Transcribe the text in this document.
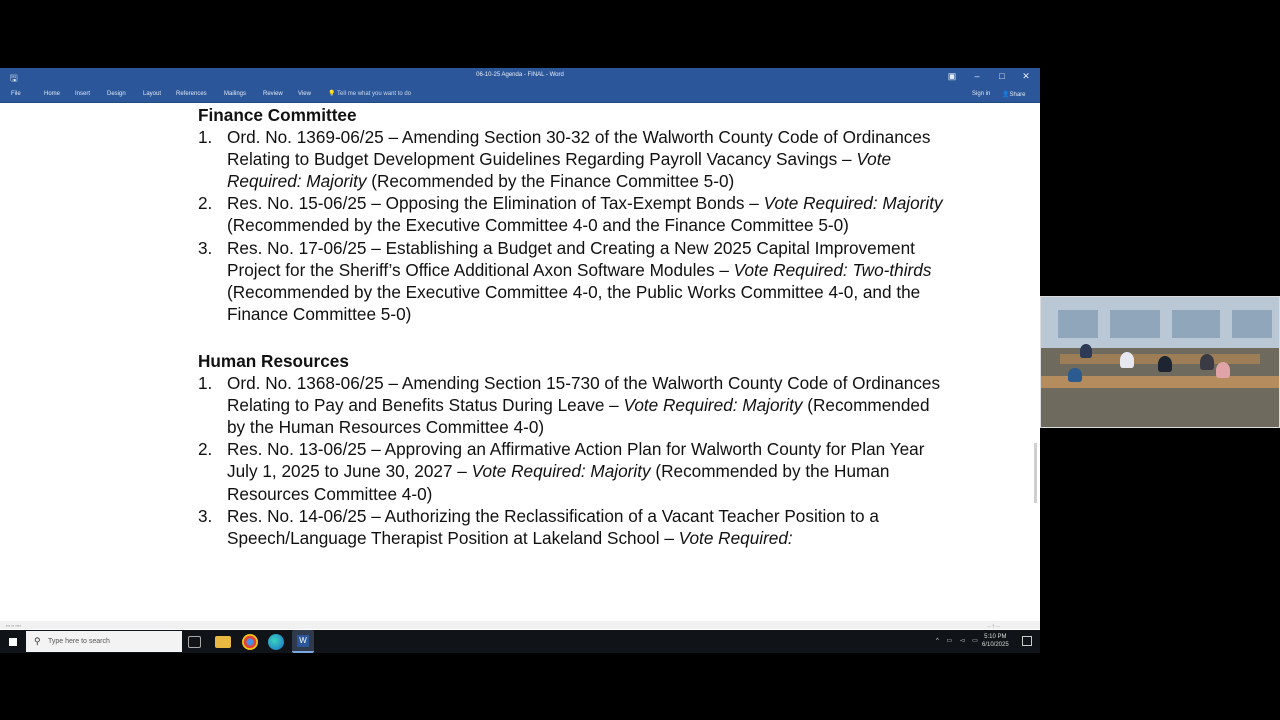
🖫	06-10-25 Agenda - FINAL - Word	▣	–	□	✕
File	Home Insert	Design	Layout References	Mailings	Review	View	💡 Tell me what you want to do	Sign in 👤Share
Finance Committee
1. Ord. No. 1369-06/25 – Amending Section 30-32 of the Walworth County Code of Ordinances Relating to Budget Development Guidelines Regarding Payroll Vacancy Savings – Vote Required: Majority (Recommended by the Finance Committee 5-0)
2. Res. No. 15-06/25 – Opposing the Elimination of Tax-Exempt Bonds – Vote Required: Majority (Recommended by the Executive Committee 4-0 and the Finance Committee 5-0)
3. Res. No. 17-06/25 – Establishing a Budget and Creating a New 2025 Capital Improvement Project for the Sheriff’s Office Additional Axon Software Modules – Vote Required: Two-thirds (Recommended by the Executive Committee 4-0, the Public Works Committee 4-0, and the Finance Committee 5-0)
Human Resources
1. Ord. No. 1368-06/25 – Amending Section 15-730 of the Walworth County Code of Ordinances Relating to Pay and Benefits Status During Leave – Vote Required: Majority (Recommended by the Human Resources Committee 4-0)
2. Res. No. 13-06/25 – Approving an Affirmative Action Plan for Walworth County for Plan Year July 1, 2025 to June 30, 2027 – Vote Required: Majority (Recommended by the Human Resources Committee 4-0)
3. Res. No. 14-06/25 – Authorizing the Reclassification of a Vacant Teacher Position to a Speech/Language Therapist Position at Lakeland School – Vote Required:
▪▪▪ ▪▪ ▪▪▪▪	— ┼ —
⚲ Type here to search	W	^ ▭ ◅ ▭
5:10 PM
6/10/2025
